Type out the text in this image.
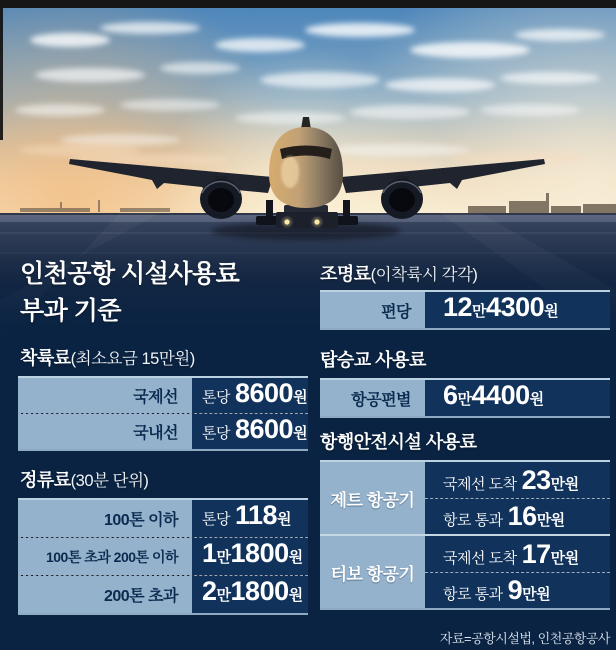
인천공항 시설사용료
부과 기준
착륙료(최소요금 15만원)
국제선	톤당 8600 원
국내선	톤당 8600 원
정류료(30분 단위)
100톤 이하	톤당 118 원
100톤 초과 200톤 이하 1 만 1800 원
200톤 초과 2 만 1800 원
조명료(이착륙시 각각)
편당	12 만 4300 원
탑승교 사용료
항공편별	6 만 4400 원
항행안전시설 사용료
제트 항공기
국제선 도착 23 만원
항로 통과 16 만원
터보 항공기
국제선 도착 17 만원
항로 통과 9 만원
자료=공항시설법, 인천공항공사
